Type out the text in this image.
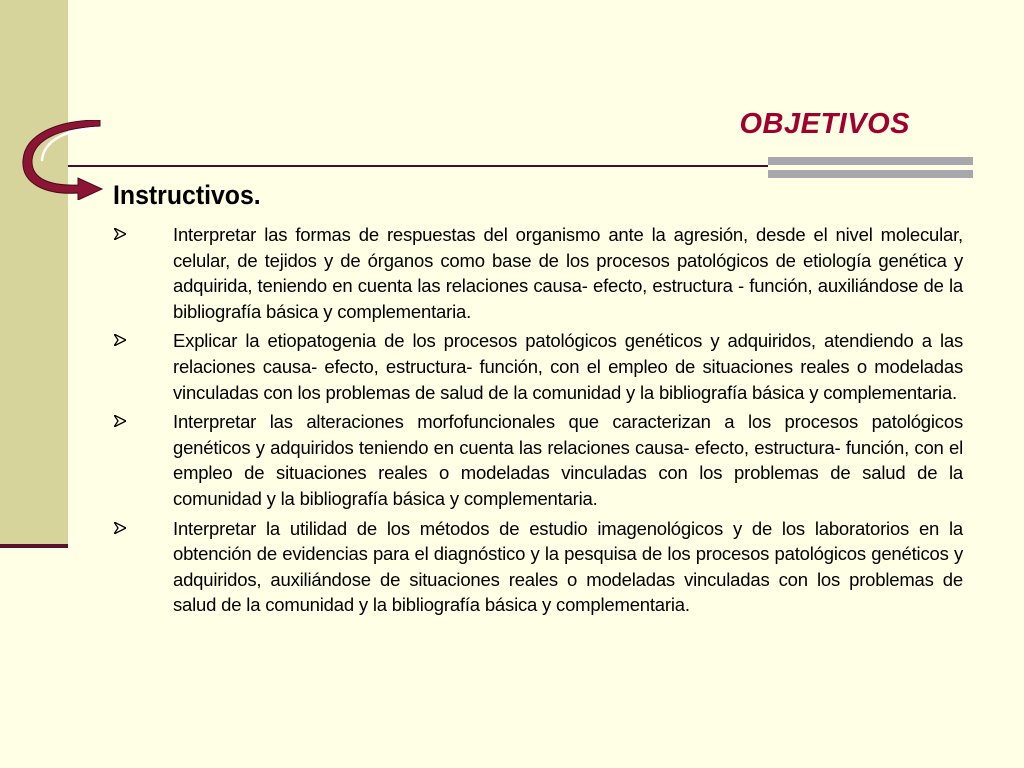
OBJETIVOS
Instructivos.
Interpretar las formas de respuestas del organismo ante la agresión, desde el nivel molecular, celular, de tejidos y de órganos como base de los procesos patológicos de etiología genética y adquirida, teniendo en cuenta las relaciones causa- efecto, estructura - función, auxiliándose de la bibliografía básica y complementaria.
Explicar la etiopatogenia de los procesos patológicos genéticos y adquiridos, atendiendo a las relaciones causa- efecto, estructura- función, con el empleo de situaciones reales o modeladas vinculadas con los problemas de salud de la comunidad y la bibliografía básica y complementaria.
Interpretar las alteraciones morfofuncionales que caracterizan a los procesos patológicos genéticos y adquiridos teniendo en cuenta las relaciones causa- efecto, estructura- función, con el empleo de situaciones reales o modeladas vinculadas con los problemas de salud de la comunidad y la bibliografía básica y complementaria.
Interpretar la utilidad de los métodos de estudio imagenológicos y de los laboratorios en la obtención de evidencias para el diagnóstico y la pesquisa de los procesos patológicos genéticos y adquiridos, auxiliándose de situaciones reales o modeladas vinculadas con los problemas de salud de la comunidad y la bibliografía básica y complementaria.
